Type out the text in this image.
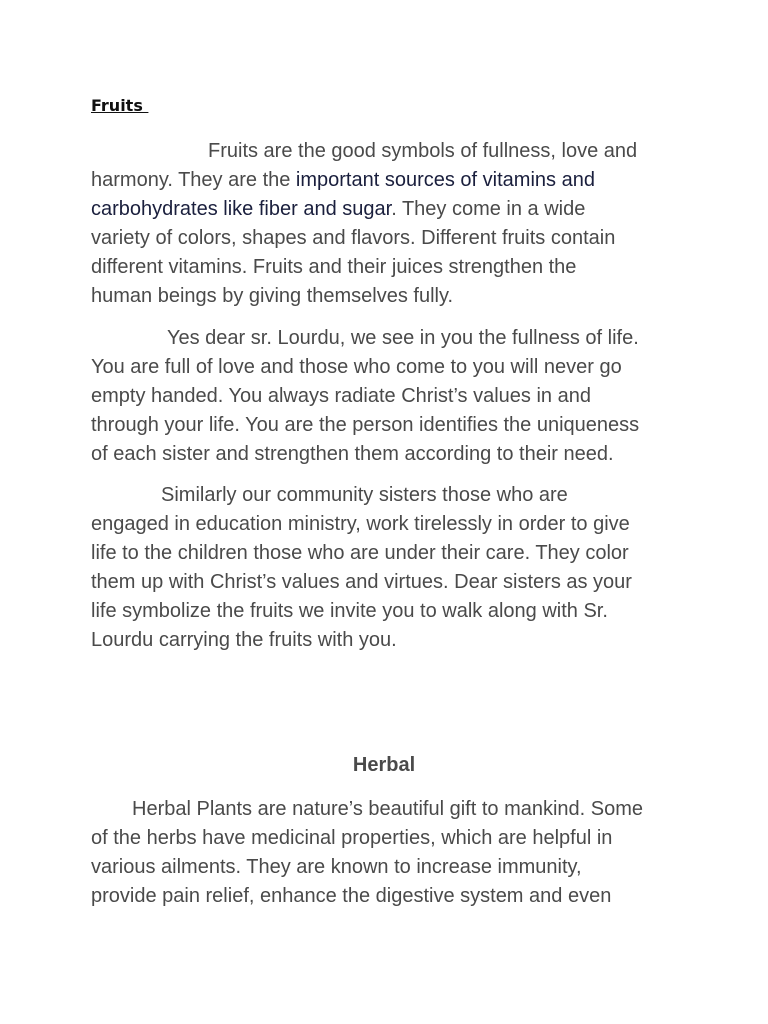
Fruits

Fruits are the good symbols of fullness, love and
harmony. They are the important sources of vitamins and
carbohydrates like fiber and sugar. They come in a wide
variety of colors, shapes and flavors. Different fruits contain
different vitamins. Fruits and their juices strengthen the
human beings by giving themselves fully.

Yes dear sr. Lourdu, we see in you the fullness of life.
You are full of love and those who come to you will never go
empty handed. You always radiate Christ’s values in and
through your life. You are the person identifies the uniqueness
of each sister and strengthen them according to their need.

Similarly our community sisters those who are
engaged in education ministry, work tirelessly in order to give
life to the children those who are under their care. They color
them up with Christ’s values and virtues. Dear sisters as your
life symbolize the fruits we invite you to walk along with Sr.
Lourdu carrying the fruits with you.

Herbal

Herbal Plants are nature’s beautiful gift to mankind. Some
of the herbs have medicinal properties, which are helpful in
various ailments. They are known to increase immunity,
provide pain relief, enhance the digestive system and even
